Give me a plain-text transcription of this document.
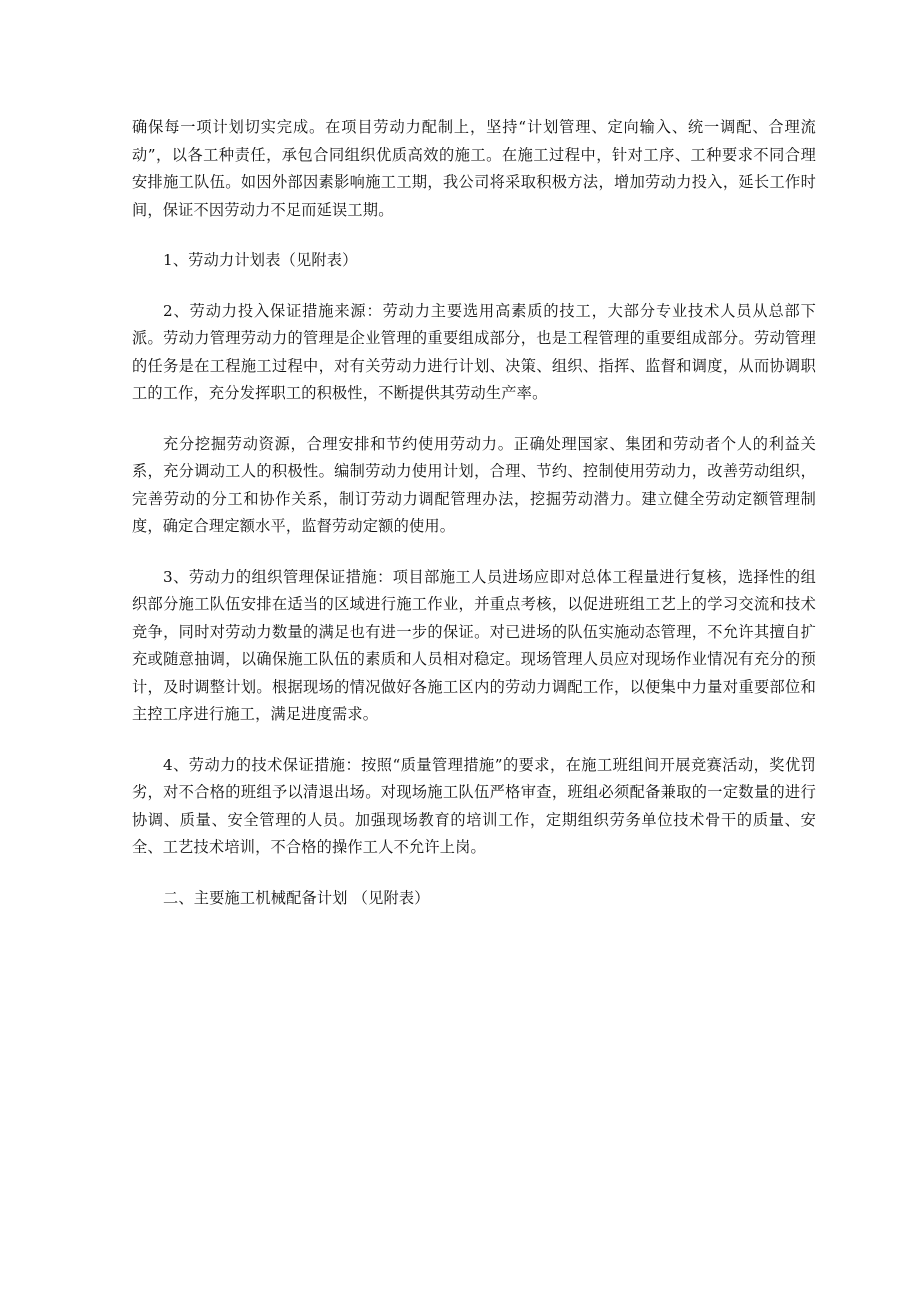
确保每一项计划切实完成。在项目劳动力配制上，坚持“计划管理、定向输入、统一调配、合理流动”，以各工种责任，承包合同组织优质高效的施工。在施工过程中，针对工序、工种要求不同合理安排施工队伍。如因外部因素影响施工工期，我公司将采取积极方法，增加劳动力投入，延长工作时间，保证不因劳动力不足而延误工期。

1、劳动力计划表（见附表）

2、劳动力投入保证措施来源：劳动力主要选用高素质的技工，大部分专业技术人员从总部下派。劳动力管理劳动力的管理是企业管理的重要组成部分，也是工程管理的重要组成部分。劳动管理的任务是在工程施工过程中，对有关劳动力进行计划、决策、组织、指挥、监督和调度，从而协调职工的工作，充分发挥职工的积极性，不断提供其劳动生产率。

充分挖掘劳动资源，合理安排和节约使用劳动力。正确处理国家、集团和劳动者个人的利益关系，充分调动工人的积极性。编制劳动力使用计划，合理、节约、控制使用劳动力，改善劳动组织，完善劳动的分工和协作关系，制订劳动力调配管理办法，挖掘劳动潜力。建立健全劳动定额管理制度，确定合理定额水平，监督劳动定额的使用。

3、劳动力的组织管理保证措施：项目部施工人员进场应即对总体工程量进行复核，选择性的组织部分施工队伍安排在适当的区域进行施工作业，并重点考核，以促进班组工艺上的学习交流和技术竞争，同时对劳动力数量的满足也有进一步的保证。对已进场的队伍实施动态管理，不允许其擅自扩充或随意抽调，以确保施工队伍的素质和人员相对稳定。现场管理人员应对现场作业情况有充分的预计，及时调整计划。根据现场的情况做好各施工区内的劳动力调配工作，以便集中力量对重要部位和主控工序进行施工，满足进度需求。

4、劳动力的技术保证措施：按照“质量管理措施”的要求，在施工班组间开展竞赛活动，奖优罚劣，对不合格的班组予以清退出场。对现场施工队伍严格审查，班组必须配备兼取的一定数量的进行协调、质量、安全管理的人员。加强现场教育的培训工作，定期组织劳务单位技术骨干的质量、安全、工艺技术培训，不合格的操作工人不允许上岗。

二、主要施工机械配备计划 （见附表）
